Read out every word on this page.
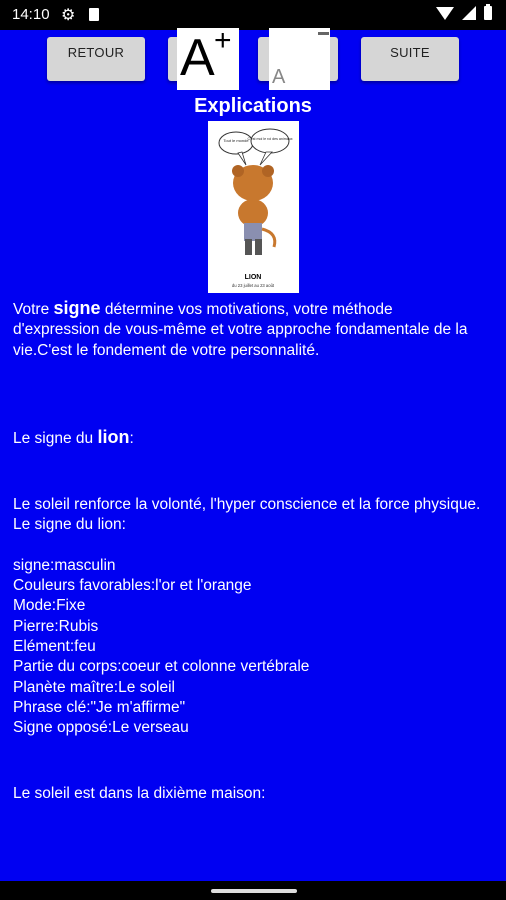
14:10 ⚙
RETOUR	SUITE
A +
A
Explications
LION
du 23 juillet au 23 août
Tout le monde
C'est moi le roi des animaux

Votre signe détermine vos motivations, votre méthode d'expression de vous-même et votre approche fondamentale de la vie.C'est le fondement de votre personnalité.

Le signe du lion:

Le soleil renforce la volonté, l'hyper conscience et la force physique.

Le signe du lion:

signe:masculin

Couleurs favorables:l'or et l'orange

Mode:Fixe

Pierre:Rubis

Elément:feu

Partie du corps:coeur et colonne vertébrale

Planète maître:Le soleil

Phrase clé:"Je m'affirme"

Signe opposé:Le verseau

Le soleil est dans la dixième maison:
